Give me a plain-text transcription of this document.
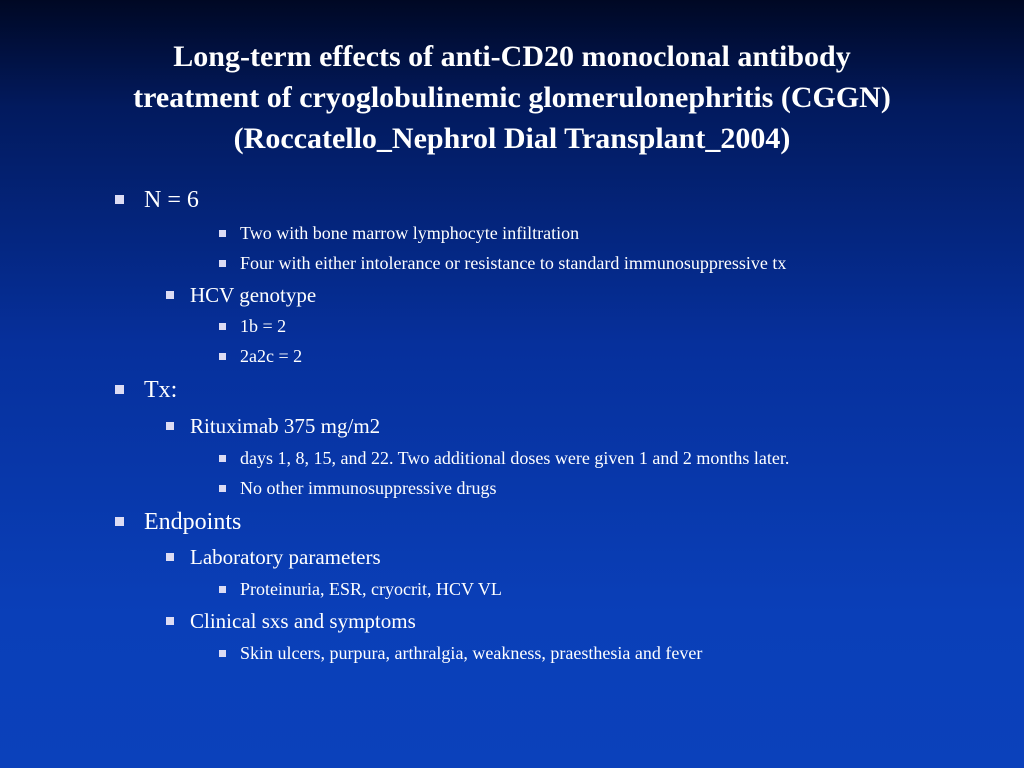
Long-term effects of anti-CD20 monoclonal antibody
treatment of cryoglobulinemic glomerulonephritis (CGGN)
(Roccatello_Nephrol Dial Transplant_2004)
N = 6
Two with bone marrow lymphocyte infiltration
Four with either intolerance or resistance to standard immunosuppressive tx
HCV genotype
1b = 2
2a2c = 2
Tx:
Rituximab 375 mg/m2
days 1, 8, 15, and 22. Two additional doses were given 1 and 2 months later.
No other immunosuppressive drugs
Endpoints
Laboratory parameters
Proteinuria, ESR, cryocrit, HCV VL
Clinical sxs and symptoms
Skin ulcers, purpura, arthralgia, weakness, praesthesia and fever
